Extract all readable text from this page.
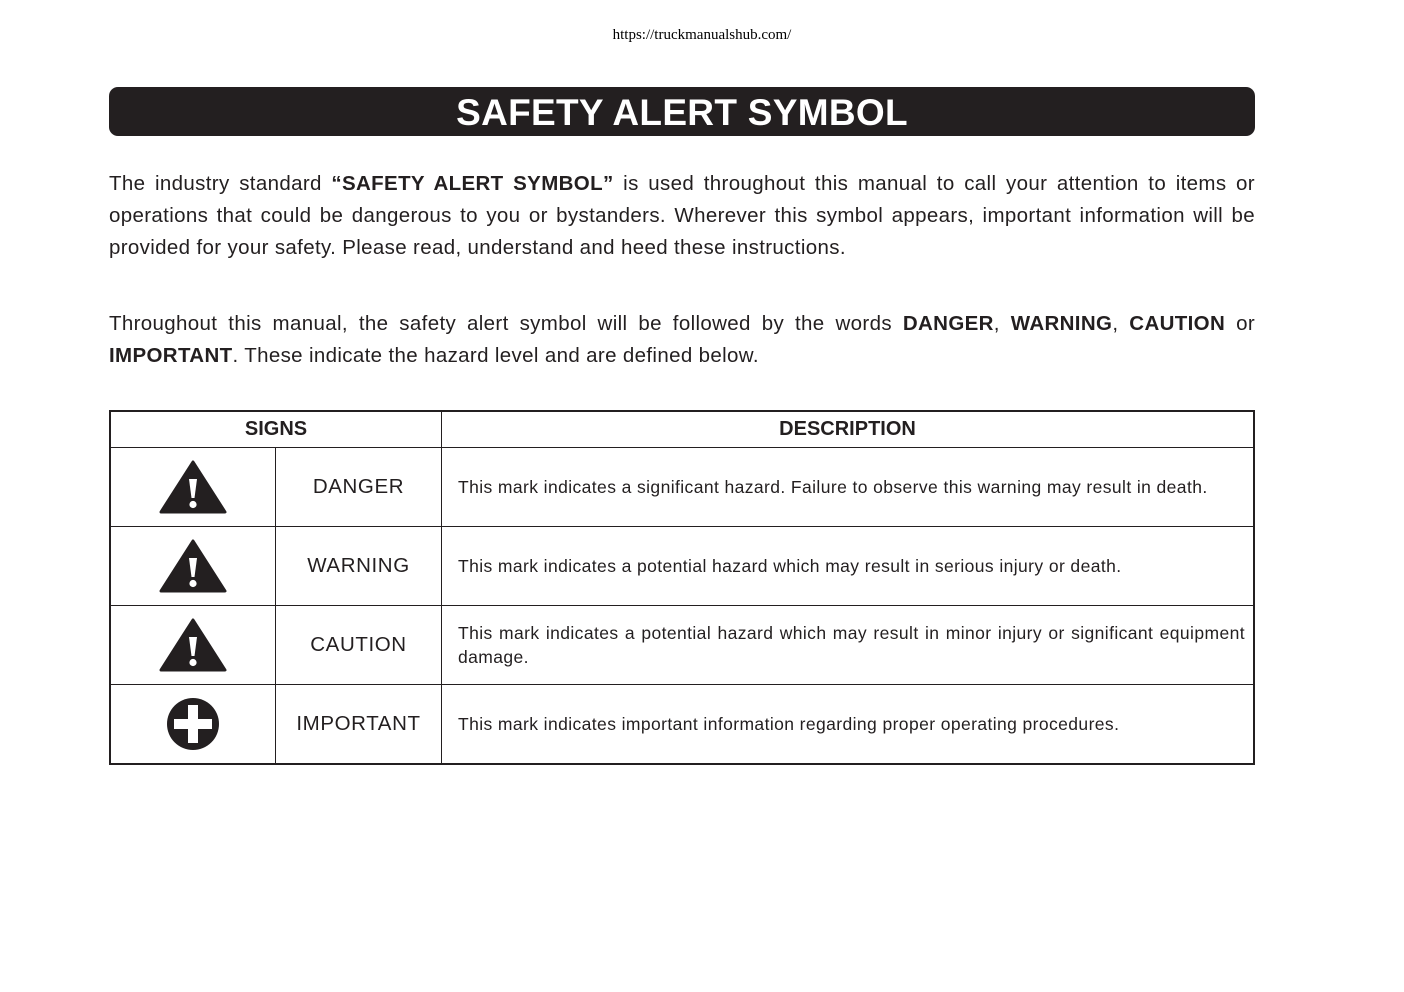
https://truckmanualshub.com/
SAFETY ALERT SYMBOL
The industry standard “SAFETY ALERT SYMBOL” is used throughout this manual to call your attention to items or operations that could be dangerous to you or bystanders. Wherever this symbol appears, important information will be provided for your safety. Please read, understand and heed these instructions.
Throughout this manual, the safety alert symbol will be followed by the words DANGER, WARNING, CAUTION or IMPORTANT. These indicate the hazard level and are defined below.
SIGNS		DESCRIPTION

	DANGER	This mark indicates a significant hazard. Failure to observe this warning may result in death.

	WARNING	This mark indicates a potential hazard which may result in serious injury or death.

	CAUTION	This mark indicates a potential hazard which may result in minor injury or significant equipment damage.

	IMPORTANT	This mark indicates important information regarding proper operating procedures.
